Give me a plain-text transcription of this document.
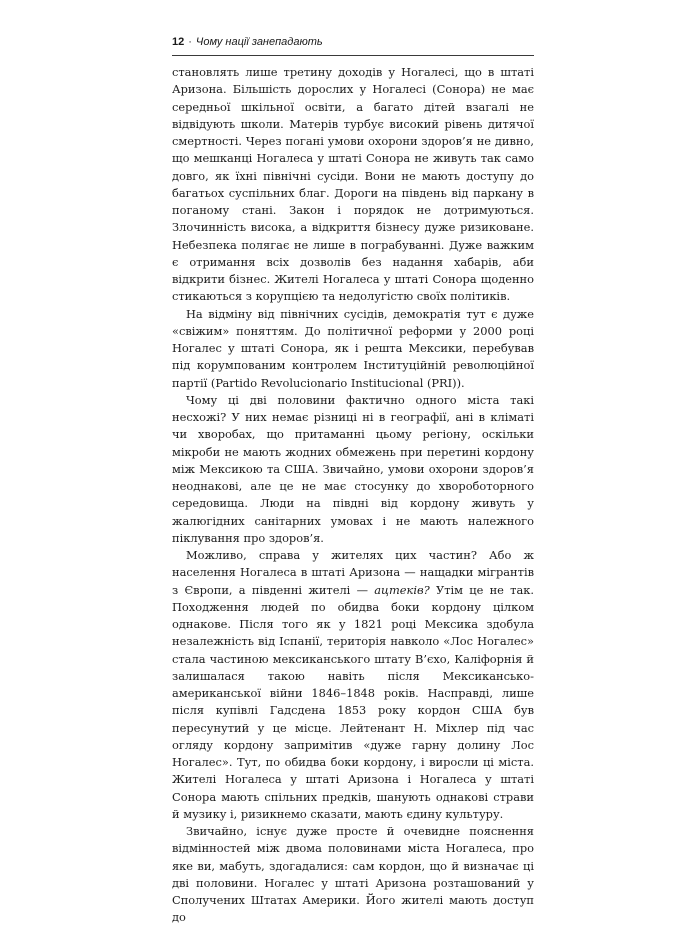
12 · Чому нації занепадають

становлять лише третину доходів у Ногалесі, що в штаті Аризона. Більшість дорослих у Ногалесі (Сонора) не має середньої шкільної освіти, а багато дітей взагалі не відвідують школи. Матерів турбує високий рівень дитячої смертності. Через погані умови охорони здоров’я не дивно, що мешканці Ногалеса у штаті Сонора не живуть так само довго, як їхні північні сусіди. Вони не мають доступу до багатьох суспільних благ. Дороги на південь від паркану в поганому стані. Закон і порядок не дотримуються. Злочинність висока, а відкриття бізнесу дуже ризиковане. Небезпека полягає не лише в пограбуванні. Дуже важким є отримання всіх дозволів без надання хабарів, аби відкрити бізнес. Жителі Ногалеса у штаті Сонора щоденно стикаються з корупцією та недолугістю своїх політиків.

На відміну від північних сусідів, демократія тут є дуже «свіжим» поняттям. До політичної реформи у 2000 році Ногалес у штаті Сонора, як і решта Мексики, перебував під корумпованим контролем Інституційній революційної партії (Partido Revolucionario Institucional (PRI)).

Чому ці дві половини фактично одного міста такі несхожі? У них немає різниці ні в географії, ані в кліматі чи хворобах, що притаманні цьому регіону, оскільки мікроби не мають жодних обмежень при перетині кордону між Мексикою та США. Звичайно, умови охорони здоров’я неоднакові, але це не має стосунку до хвороботорного середовища. Люди на півдні від кордону живуть у жалюгідних санітарних умовах і не мають належного піклування про здоров’я.

Можливо, справа у жителях цих частин? Або ж населення Ногалеса в штаті Аризона — нащадки мігрантів з Європи, а південні жителі — ацтеків? Утім це не так. Походження людей по обидва боки кордону цілком однакове. Після того як у 1821 році Мексика здобула незалежність від Іспанії, територія навколо «Лос Ногалес» стала частиною мексиканського штату В’єхо, Каліфорнія й залишалася такою навіть після Мексикансько-американської війни 1846–1848 років. Насправді, лише після купівлі Гадсдена 1853 року кордон США був пересунутий у це місце. Лейтенант Н. Міхлер під час огляду кордону запримітив «дуже гарну долину Лос Ногалес». Тут, по обидва боки кордону, і виросли ці міста. Жителі Ногалеса у штаті Аризона і Ногалеса у штаті Сонора мають спільних предків, шанують однакові страви й музику і, ризикнемо сказати, мають єдину культуру.

Звичайно, існує дуже просте й очевидне пояснення відмінностей між двома половинами міста Ногалеса, про яке ви, мабуть, здогадалися: сам кордон, що й визначає ці дві половини. Ногалес у штаті Аризона розташований у Сполучених Штатах Америки. Його жителі мають доступ до
